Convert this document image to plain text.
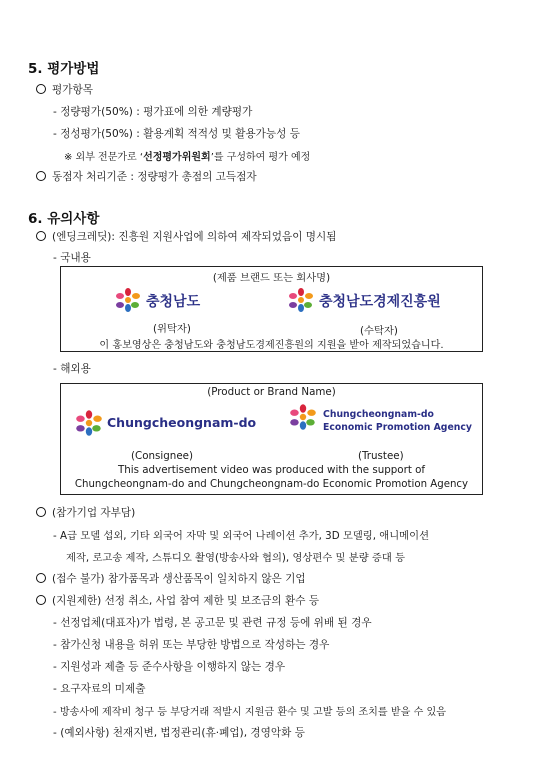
5. 평가방법
평가항목
- 정량평가(50%) : 평가표에 의한 계량평가
- 정성평가(50%) : 활용계획 적적성 및 활용가능성 등
※ 외부 전문가로 ‘선정평가위원회’를 구성하여 평가 예정
동점자 처리기준 : 정량평가 총점의 고득점자
6. 유의사항
(엔딩크레딧): 진흥원 지원사업에 의하여 제작되었음이 명시됨
- 국내용
(제품 브랜드 또는 회사명)
충청남도	충청남도경제진흥원
(위탁자)	(수탁자)
이 홍보영상은 충청남도와 충청남도경제진흥원의 지원을 받아 제작되었습니다.
- 해외용
(Product or Brand Name)
Chungcheongnam-do
Chungcheongnam-do
Economic Promotion Agency
(Consignee)	(Trustee)
This advertisement video was produced with the support of
Chungcheongnam-do and Chungcheongnam-do Economic Promotion Agency
(참가기업 자부담)
- A급 모델 섭외, 기타 외국어 자막 및 외국어 나레이션 추가, 3D 모델링, 애니메이션
제작, 로고송 제작, 스튜디오 촬영(방송사와 협의), 영상편수 및 분량 증대 등
(접수 불가) 참가품목과 생산품목이 일치하지 않은 기업
(지원제한) 선정 취소, 사업 참여 제한 및 보조금의 환수 등
- 선정업체(대표자)가 법령, 본 공고문 및 관련 규정 등에 위배 된 경우
- 참가신청 내용을 허위 또는 부당한 방법으로 작성하는 경우
- 지원성과 제출 등 준수사항을 이행하지 않는 경우
- 요구자료의 미제출
- 방송사에 제작비 청구 등 부당거래 적발시 지원금 환수 및 고발 등의 조치를 받을 수 있음
- (예외사항) 천재지변, 법정관리(휴·폐업), 경영악화 등
